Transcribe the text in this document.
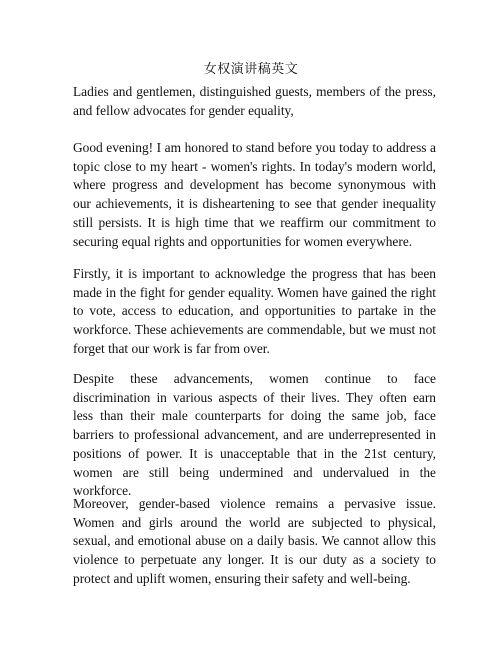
女权演讲稿英文

Ladies and gentlemen, distinguished guests, members of the press,
and fellow advocates for gender equality,

Good evening! I am honored to stand before you today to address a
topic close to my heart - women's rights. In today's modern world,
where progress and development has become synonymous with
our achievements, it is disheartening to see that gender inequality
still persists. It is high time that we reaffirm our commitment to
securing equal rights and opportunities for women everywhere.

Firstly, it is important to acknowledge the progress that has been
made in the fight for gender equality. Women have gained the right
to vote, access to education, and opportunities to partake in the
workforce. These achievements are commendable, but we must not
forget that our work is far from over.

Despite these advancements, women continue to face
discrimination in various aspects of their lives. They often earn
less than their male counterparts for doing the same job, face
barriers to professional advancement, and are underrepresented in
positions of power. It is unacceptable that in the 21st century,
women are still being undermined and undervalued in the
workforce.

Moreover, gender-based violence remains a pervasive issue.
Women and girls around the world are subjected to physical,
sexual, and emotional abuse on a daily basis. We cannot allow this
violence to perpetuate any longer. It is our duty as a society to
protect and uplift women, ensuring their safety and well-being.
